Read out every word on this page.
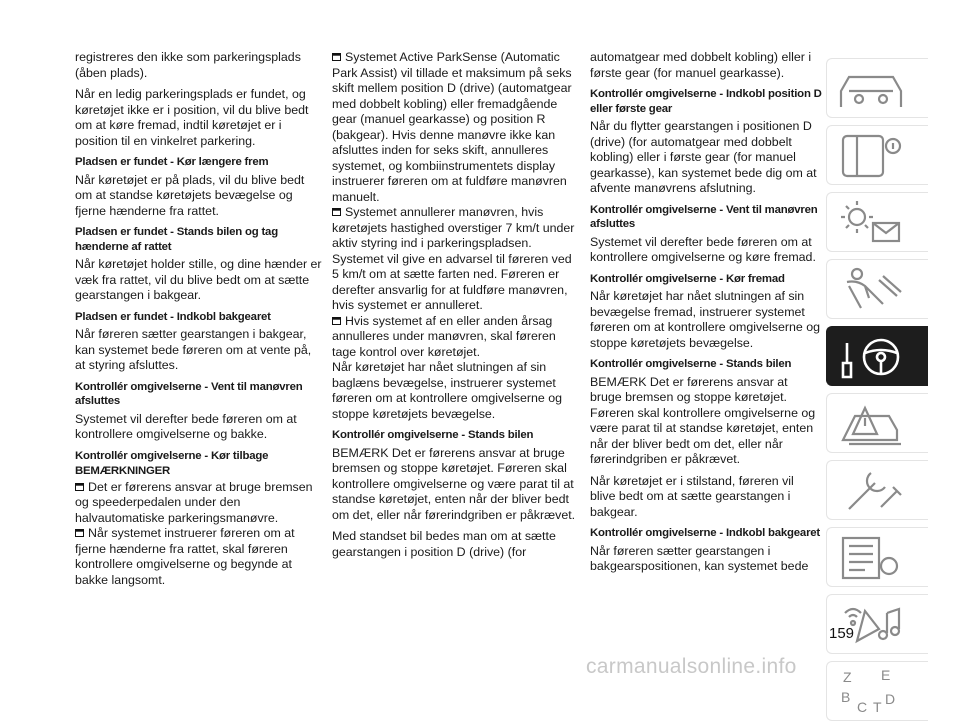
registreres den ikke som parkeringsplads (åben plads).

Når en ledig parkeringsplads er fundet, og køretøjet ikke er i position, vil du blive bedt om at køre fremad, indtil køretøjet er i position til en vinkelret parkering.

Pladsen er fundet - Kør længere frem

Når køretøjet er på plads, vil du blive bedt om at standse køretøjets bevægelse og fjerne hænderne fra rattet.

Pladsen er fundet - Stands bilen og tag hænderne af rattet

Når køretøjet holder stille, og dine hænder er væk fra rattet, vil du blive bedt om at sætte gearstangen i bakgear.

Pladsen er fundet - Indkobl bakgearet

Når føreren sætter gearstangen i bakgear, kan systemet bede føreren om at vente på, at styring afsluttes.

Kontrollér omgivelserne - Vent til manøvren afsluttes

Systemet vil derefter bede føreren om at kontrollere omgivelserne og bakke.

Kontrollér omgivelserne - Kør tilbage
BEMÆRKNINGER

Det er førerens ansvar at bruge bremsen og speederpedalen under den halvautomatiske parkeringsmanøvre.

Når systemet instruerer føreren om at fjerne hænderne fra rattet, skal føreren kontrollere omgivelserne og begynde at bakke langsomt.

Systemet Active ParkSense (Automatic Park Assist) vil tillade et maksimum på seks skift mellem position D (drive) (automatgear med dobbelt kobling) eller fremadgående gear (manuel gearkasse) og position R (bakgear). Hvis denne manøvre ikke kan afsluttes inden for seks skift, annulleres systemet, og kombiinstrumentets display instruerer føreren om at fuldføre manøvren manuelt.

Systemet annullerer manøvren, hvis køretøjets hastighed overstiger 7 km/t under aktiv styring ind i parkeringspladsen. Systemet vil give en advarsel til føreren ved 5 km/t om at sætte farten ned. Føreren er derefter ansvarlig for at fuldføre manøvren, hvis systemet er annulleret.

Hvis systemet af en eller anden årsag annulleres under manøvren, skal føreren tage kontrol over køretøjet.

Når køretøjet har nået slutningen af sin baglæns bevægelse, instruerer systemet føreren om at kontrollere omgivelserne og stoppe køretøjets bevægelse.

Kontrollér omgivelserne - Stands bilen

BEMÆRK Det er førerens ansvar at bruge bremsen og stoppe køretøjet. Føreren skal kontrollere omgivelserne og være parat til at standse køretøjet, enten når der bliver bedt om det, eller når førerindgriben er påkrævet.

Med standset bil bedes man om at sætte gearstangen i position D (drive) (for

automatgear med dobbelt kobling) eller i første gear (for manuel gearkasse).

Kontrollér omgivelserne - Indkobl position D eller første gear

Når du flytter gearstangen i positionen D (drive) (for automatgear med dobbelt kobling) eller i første gear (for manuel gearkasse), kan systemet bede dig om at afvente manøvrens afslutning.

Kontrollér omgivelserne - Vent til manøvren afsluttes

Systemet vil derefter bede føreren om at kontrollere omgivelserne og køre fremad.

Kontrollér omgivelserne - Kør fremad

Når køretøjet har nået slutningen af sin bevægelse fremad, instruerer systemet føreren om at kontrollere omgivelserne og stoppe køretøjets bevægelse.

Kontrollér omgivelserne - Stands bilen

BEMÆRK Det er førerens ansvar at bruge bremsen og stoppe køretøjet. Føreren skal kontrollere omgivelserne og være parat til at standse køretøjet, enten når der bliver bedt om det, eller når førerindgriben er påkrævet.

Når køretøjet er i stilstand, føreren vil blive bedt om at sætte gearstangen i bakgear.

Kontrollér omgivelserne - Indkobl bakgearet

Når føreren sætter gearstangen i bakgearspositionen, kan systemet bede

Z E
B D
C T
159
carmanualsonline.info
